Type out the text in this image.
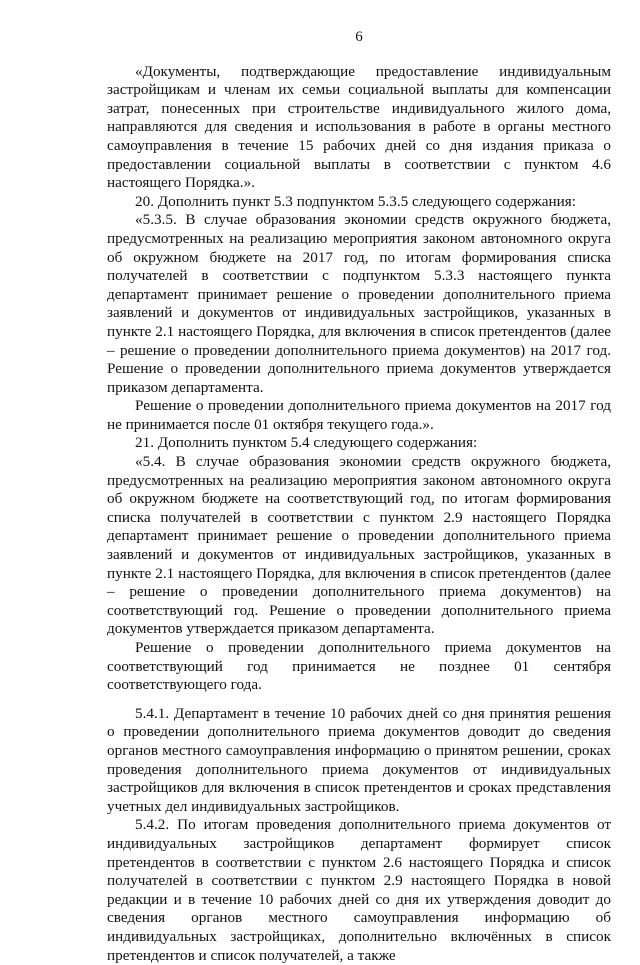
6

«Документы, подтверждающие предоставление индивидуальным застройщикам и членам их семьи социальной выплаты для компенсации затрат, понесенных при строительстве индивидуального жилого дома, направляются для сведения и использования в работе в органы местного самоуправления в течение 15 рабочих дней со дня издания приказа о предоставлении социальной выплаты в соответствии с пунктом 4.6 настоящего Порядка.».

20. Дополнить пункт 5.3 подпунктом 5.3.5 следующего содержания:

«5.3.5. В случае образования экономии средств окружного бюджета, предусмотренных на реализацию мероприятия законом автономного округа об окружном бюджете на 2017 год, по итогам формирования списка получателей в соответствии с подпунктом 5.3.3 настоящего пункта департамент принимает решение о проведении дополнительного приема заявлений и документов от индивидуальных застройщиков, указанных в пункте 2.1 настоящего Порядка, для включения в список претендентов (далее – решение о проведении дополнительного приема документов) на 2017 год. Решение о проведении дополнительного приема документов утверждается приказом департамента.

Решение о проведении дополнительного приема документов на 2017 год не принимается после 01 октября текущего года.».

21. Дополнить пунктом 5.4 следующего содержания:

«5.4. В случае образования экономии средств окружного бюджета, предусмотренных на реализацию мероприятия законом автономного округа об окружном бюджете на соответствующий год, по итогам формирования списка получателей в соответствии с пунктом 2.9 настоящего Порядка департамент принимает решение о проведении дополнительного приема заявлений и документов от индивидуальных застройщиков, указанных в пункте 2.1 настоящего Порядка, для включения в список претендентов (далее – решение о проведении дополнительного приема документов) на соответствующий год. Решение о проведении дополнительного приема документов утверждается приказом департамента.

Решение о проведении дополнительного приема документов на соответствующий год принимается не позднее 01 сентября соответствующего года.

5.4.1. Департамент в течение 10 рабочих дней со дня принятия решения о проведении дополнительного приема документов доводит до сведения органов местного самоуправления информацию о принятом решении, сроках проведения дополнительного приема документов от индивидуальных застройщиков для включения в список претендентов и сроках представления учетных дел индивидуальных застройщиков.

5.4.2. По итогам проведения дополнительного приема документов от индивидуальных застройщиков департамент формирует список претендентов в соответствии с пунктом 2.6 настоящего Порядка и список получателей в соответствии с пунктом 2.9 настоящего Порядка в новой редакции и в течение 10 рабочих дней со дня их утверждения доводит до сведения органов местного самоуправления информацию об индивидуальных застройщиках, дополнительно включённых в список претендентов и список получателей, а также
